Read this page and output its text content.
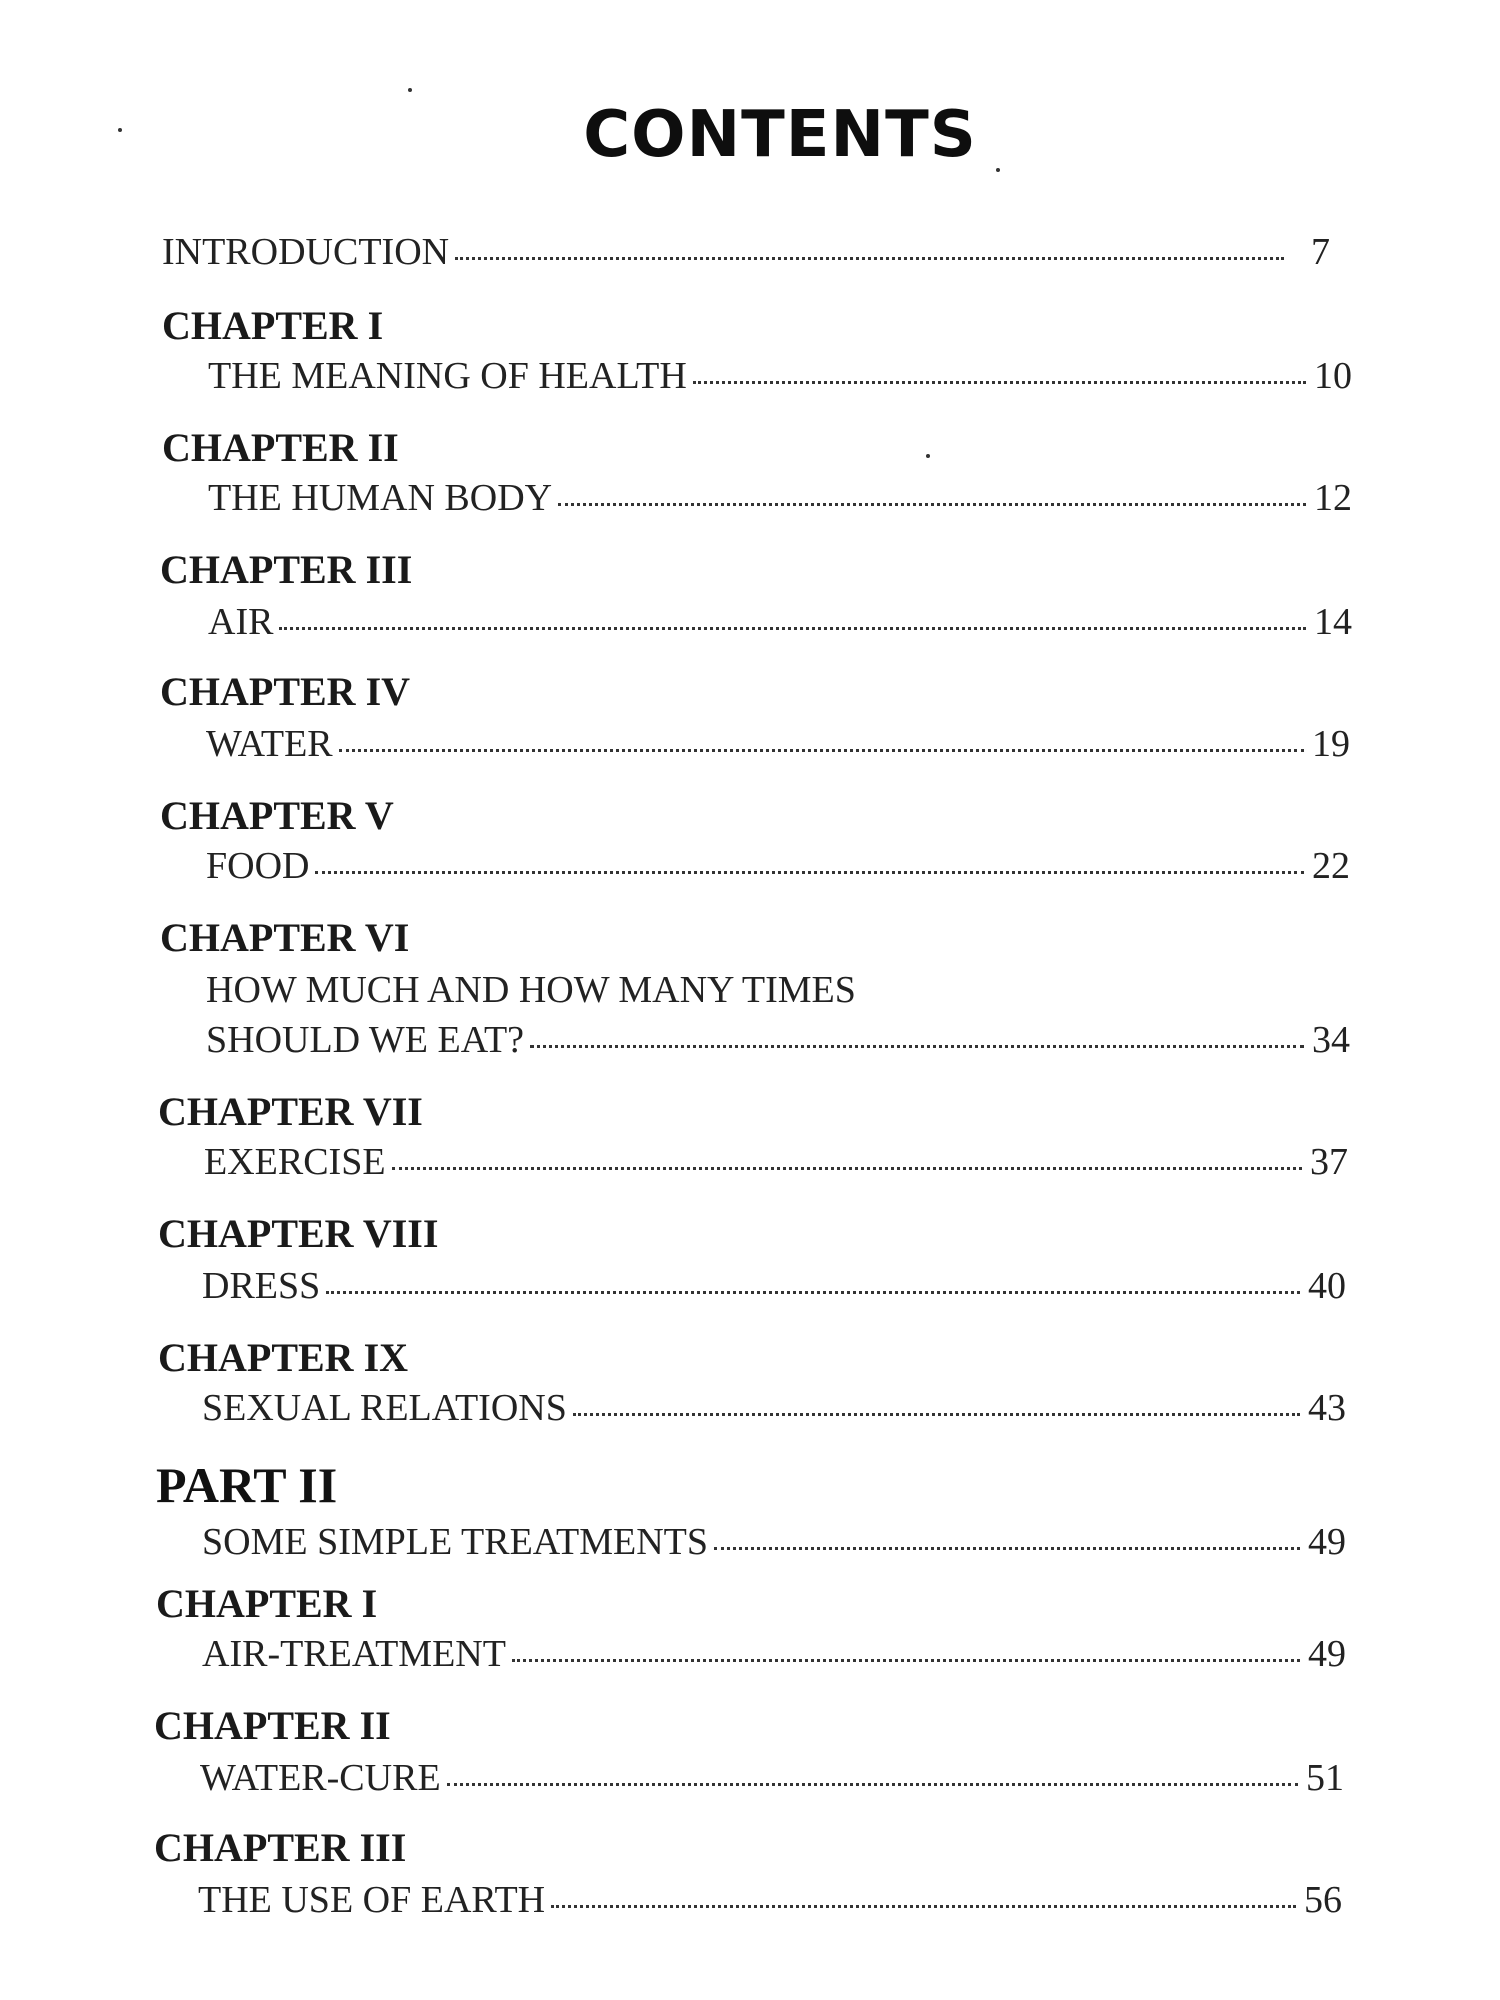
CONTENTS
INTRODUCTION	7
CHAPTER I
THE MEANING OF HEALTH	10
CHAPTER II
THE HUMAN BODY	12
CHAPTER III
AIR	14
CHAPTER IV
WATER	19
CHAPTER V
FOOD	22
CHAPTER VI
HOW MUCH AND HOW MANY TIMES
SHOULD WE EAT?	34
CHAPTER VII
EXERCISE	37
CHAPTER VIII
DRESS	40
CHAPTER IX
SEXUAL RELATIONS	43
PART II
SOME SIMPLE TREATMENTS	49
CHAPTER I
AIR-TREATMENT	49
CHAPTER II
WATER-CURE	51
CHAPTER III
THE USE OF EARTH	56
